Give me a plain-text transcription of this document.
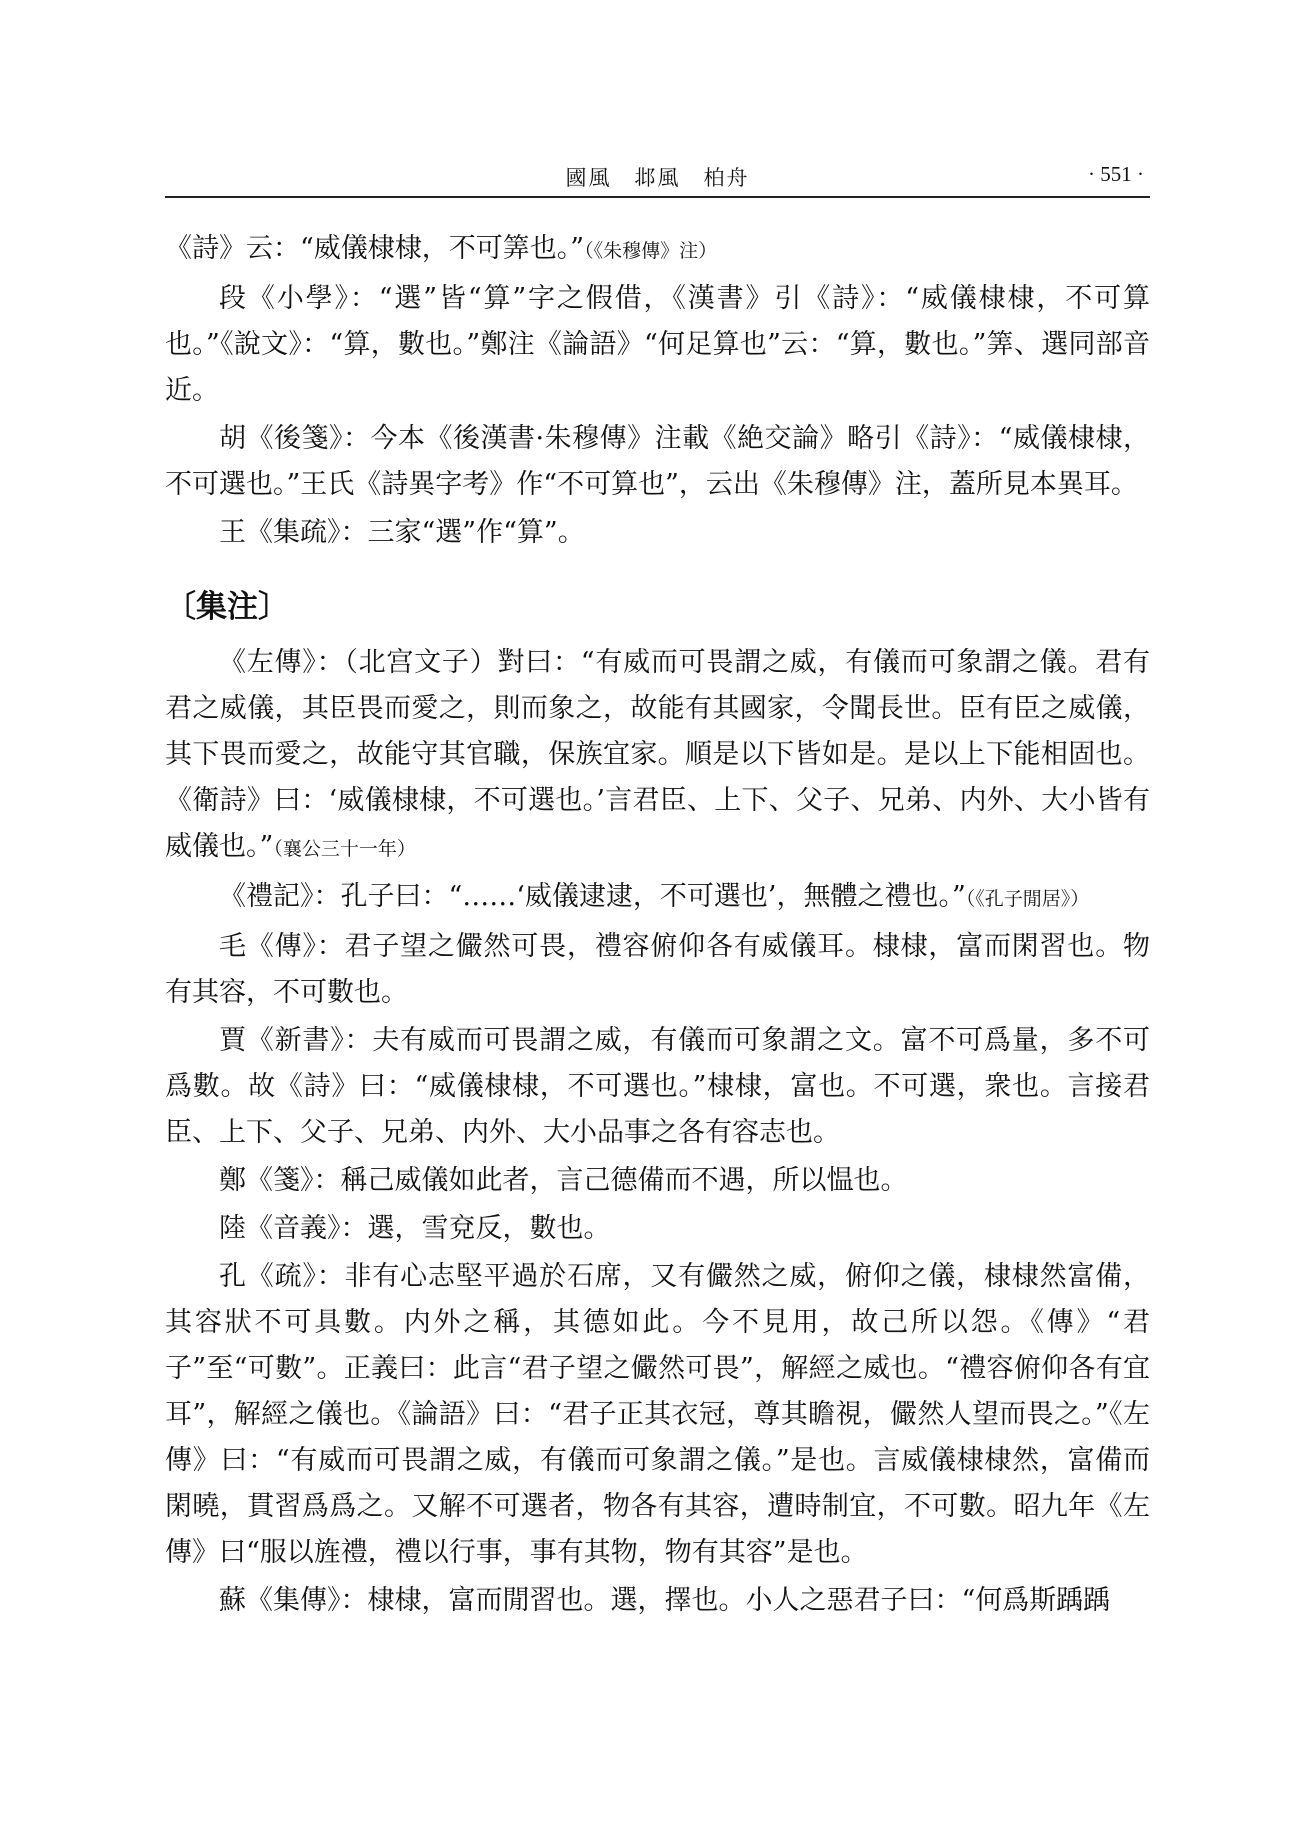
國風　邶風　柏舟	· 551 ·

《詩》云：“威儀棣棣，不可筭也。”（《朱穆傳》注）

段《小學》：“選”皆“算”字之假借，《漢書》引《詩》：“威儀棣棣，不可算也。”《說文》：“算，數也。”鄭注《論語》“何足算也”云：“算，數也。”筭、選同部音近。

胡《後箋》：今本《後漢書·朱穆傳》注載《絶交論》略引《詩》：“威儀棣棣，不可選也。”王氏《詩異字考》作“不可算也”，云出《朱穆傳》注，蓋所見本異耳。

王《集疏》：三家“選”作“算”。

〔集注〕

《左傳》：（北宫文子）對曰：“有威而可畏謂之威，有儀而可象謂之儀。君有君之威儀，其臣畏而愛之，則而象之，故能有其國家，令聞長世。臣有臣之威儀，其下畏而愛之，故能守其官職，保族宜家。順是以下皆如是。是以上下能相固也。《衛詩》曰：‘威儀棣棣，不可選也。’言君臣、上下、父子、兄弟、内外、大小皆有威儀也。”（襄公三十一年）

《禮記》：孔子曰：“……‘威儀逮逮，不可選也’，無體之禮也。”（《孔子閒居》）

毛《傳》：君子望之儼然可畏，禮容俯仰各有威儀耳。棣棣，富而閑習也。物有其容，不可數也。

賈《新書》：夫有威而可畏謂之威，有儀而可象謂之文。富不可爲量，多不可爲數。故《詩》曰：“威儀棣棣，不可選也。”棣棣，富也。不可選，衆也。言接君臣、上下、父子、兄弟、内外、大小品事之各有容志也。

鄭《箋》：稱己威儀如此者，言己德備而不遇，所以愠也。

陸《音義》：選，雪兗反，數也。

孔《疏》：非有心志堅平過於石席，又有儼然之威，俯仰之儀，棣棣然富備，其容狀不可具數。内外之稱，其德如此。今不見用，故己所以怨。《傳》“君子”至“可數”。正義曰：此言“君子望之儼然可畏”，解經之威也。“禮容俯仰各有宜耳”，解經之儀也。《論語》曰：“君子正其衣冠，尊其瞻視，儼然人望而畏之。”《左傳》曰：“有威而可畏謂之威，有儀而可象謂之儀。”是也。言威儀棣棣然，富備而閑曉，貫習爲爲之。又解不可選者，物各有其容，遭時制宜，不可數。昭九年《左傳》曰“服以旌禮，禮以行事，事有其物，物有其容”是也。

蘇《集傳》：棣棣，富而閒習也。選，擇也。小人之惡君子曰：“何爲斯踽踽
